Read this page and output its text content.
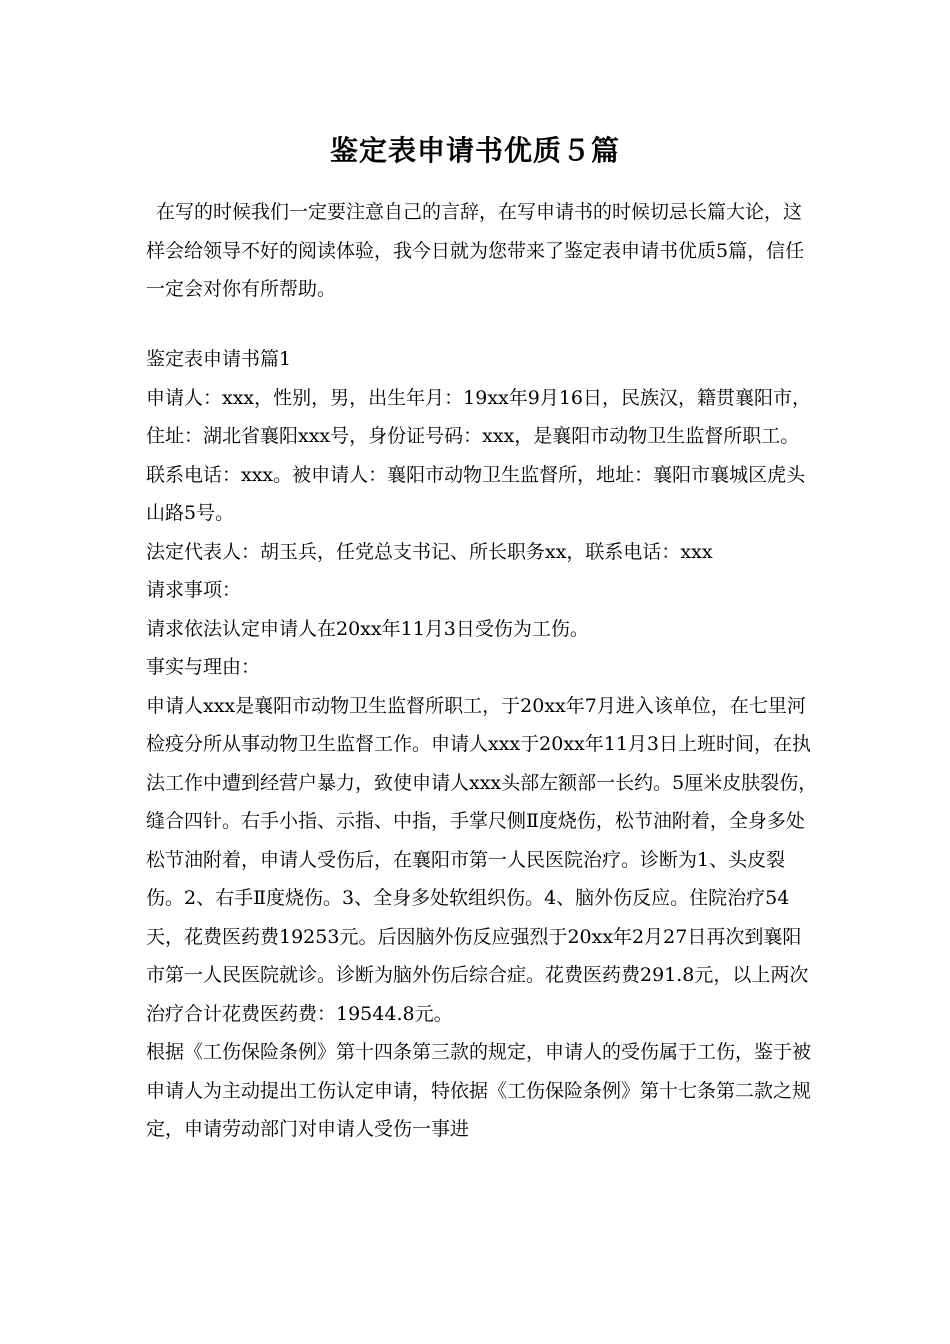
鉴定表申请书优质５篇
在写的时候我们一定要注意自己的言辞，在写申请书的时候切忌长篇大论，这样会给领导不好的阅读体验，我今日就为您带来了鉴定表申请书优质5篇，信任一定会对你有所帮助。

鉴定表申请书篇1

申请人：xxx，性别，男，出生年月：19xx年9月16日，民族汉，籍贯襄阳市，住址：湖北省襄阳xxx号，身份证号码：xxx，是襄阳市动物卫生监督所职工。联系电话：xxx。被申请人：襄阳市动物卫生监督所，地址：襄阳市襄城区虎头山路5号。

法定代表人：胡玉兵，任党总支书记、所长职务xx，联系电话：xxx

请求事项：

请求依法认定申请人在20xx年11月3日受伤为工伤。

事实与理由：

申请人xxx是襄阳市动物卫生监督所职工，于20xx年7月进入该单位，在七里河检疫分所从事动物卫生监督工作。申请人xxx于20xx年11月3日上班时间，在执法工作中遭到经营户暴力，致使申请人xxx头部左额部一长约。5厘米皮肤裂伤，缝合四针。右手小指、示指、中指，手掌尺侧Ⅱ度烧伤，松节油附着，全身多处松节油附着，申请人受伤后，在襄阳市第一人民医院治疗。诊断为1、头皮裂伤。2、右手Ⅱ度烧伤。3、全身多处软组织伤。4、脑外伤反应。住院治疗54天，花费医药费19253元。后因脑外伤反应强烈于20xx年2月27日再次到襄阳市第一人民医院就诊。诊断为脑外伤后综合症。花费医药费291.8元，以上两次治疗合计花费医药费：19544.8元。

根据《工伤保险条例》第十四条第三款的规定，申请人的受伤属于工伤，鉴于被申请人为主动提出工伤认定申请，特依据《工伤保险条例》第十七条第二款之规定，申请劳动部门对申请人受伤一事进
